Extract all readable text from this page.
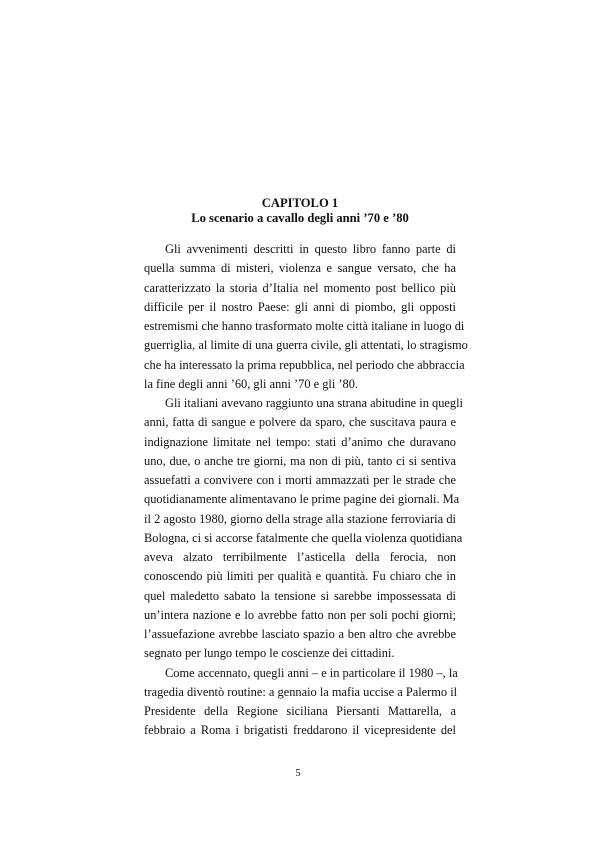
CAPITOLO 1
Lo scenario a cavallo degli anni ’70 e ’80
Gli avvenimenti descritti in questo libro fanno parte di
quella summa di misteri, violenza e sangue versato, che ha
caratterizzato la storia d’Italia nel momento post bellico più
difficile per il nostro Paese: gli anni di piombo, gli opposti
estremismi che hanno trasformato molte città italiane in luogo di
guerriglia, al limite di una guerra civile, gli attentati, lo stragismo
che ha interessato la prima repubblica, nel periodo che abbraccia
la fine degli anni ’60, gli anni ’70 e gli ’80.
Gli italiani avevano raggiunto una strana abitudine in quegli
anni, fatta di sangue e polvere da sparo, che suscitava paura e
indignazione limitate nel tempo: stati d’animo che duravano
uno, due, o anche tre giorni, ma non di più, tanto ci si sentiva
assuefatti a convivere con i morti ammazzati per le strade che
quotidianamente alimentavano le prime pagine dei giornali. Ma
il 2 agosto 1980, giorno della strage alla stazione ferroviaria di
Bologna, ci si accorse fatalmente che quella violenza quotidiana
aveva alzato terribilmente l’asticella della ferocia, non
conoscendo più limiti per qualità e quantità. Fu chiaro che in
quel maledetto sabato la tensione si sarebbe impossessata di
un’intera nazione e lo avrebbe fatto non per soli pochi giorni;
l’assuefazione avrebbe lasciato spazio a ben altro che avrebbe
segnato per lungo tempo le coscienze dei cittadini.
Come accennato, quegli anni – e in particolare il 1980 –, la
tragedia diventò routine: a gennaio la mafia uccise a Palermo il
Presidente della Regione siciliana Piersanti Mattarella, a
febbraio a Roma i brigatisti freddarono il vicepresidente del
5
